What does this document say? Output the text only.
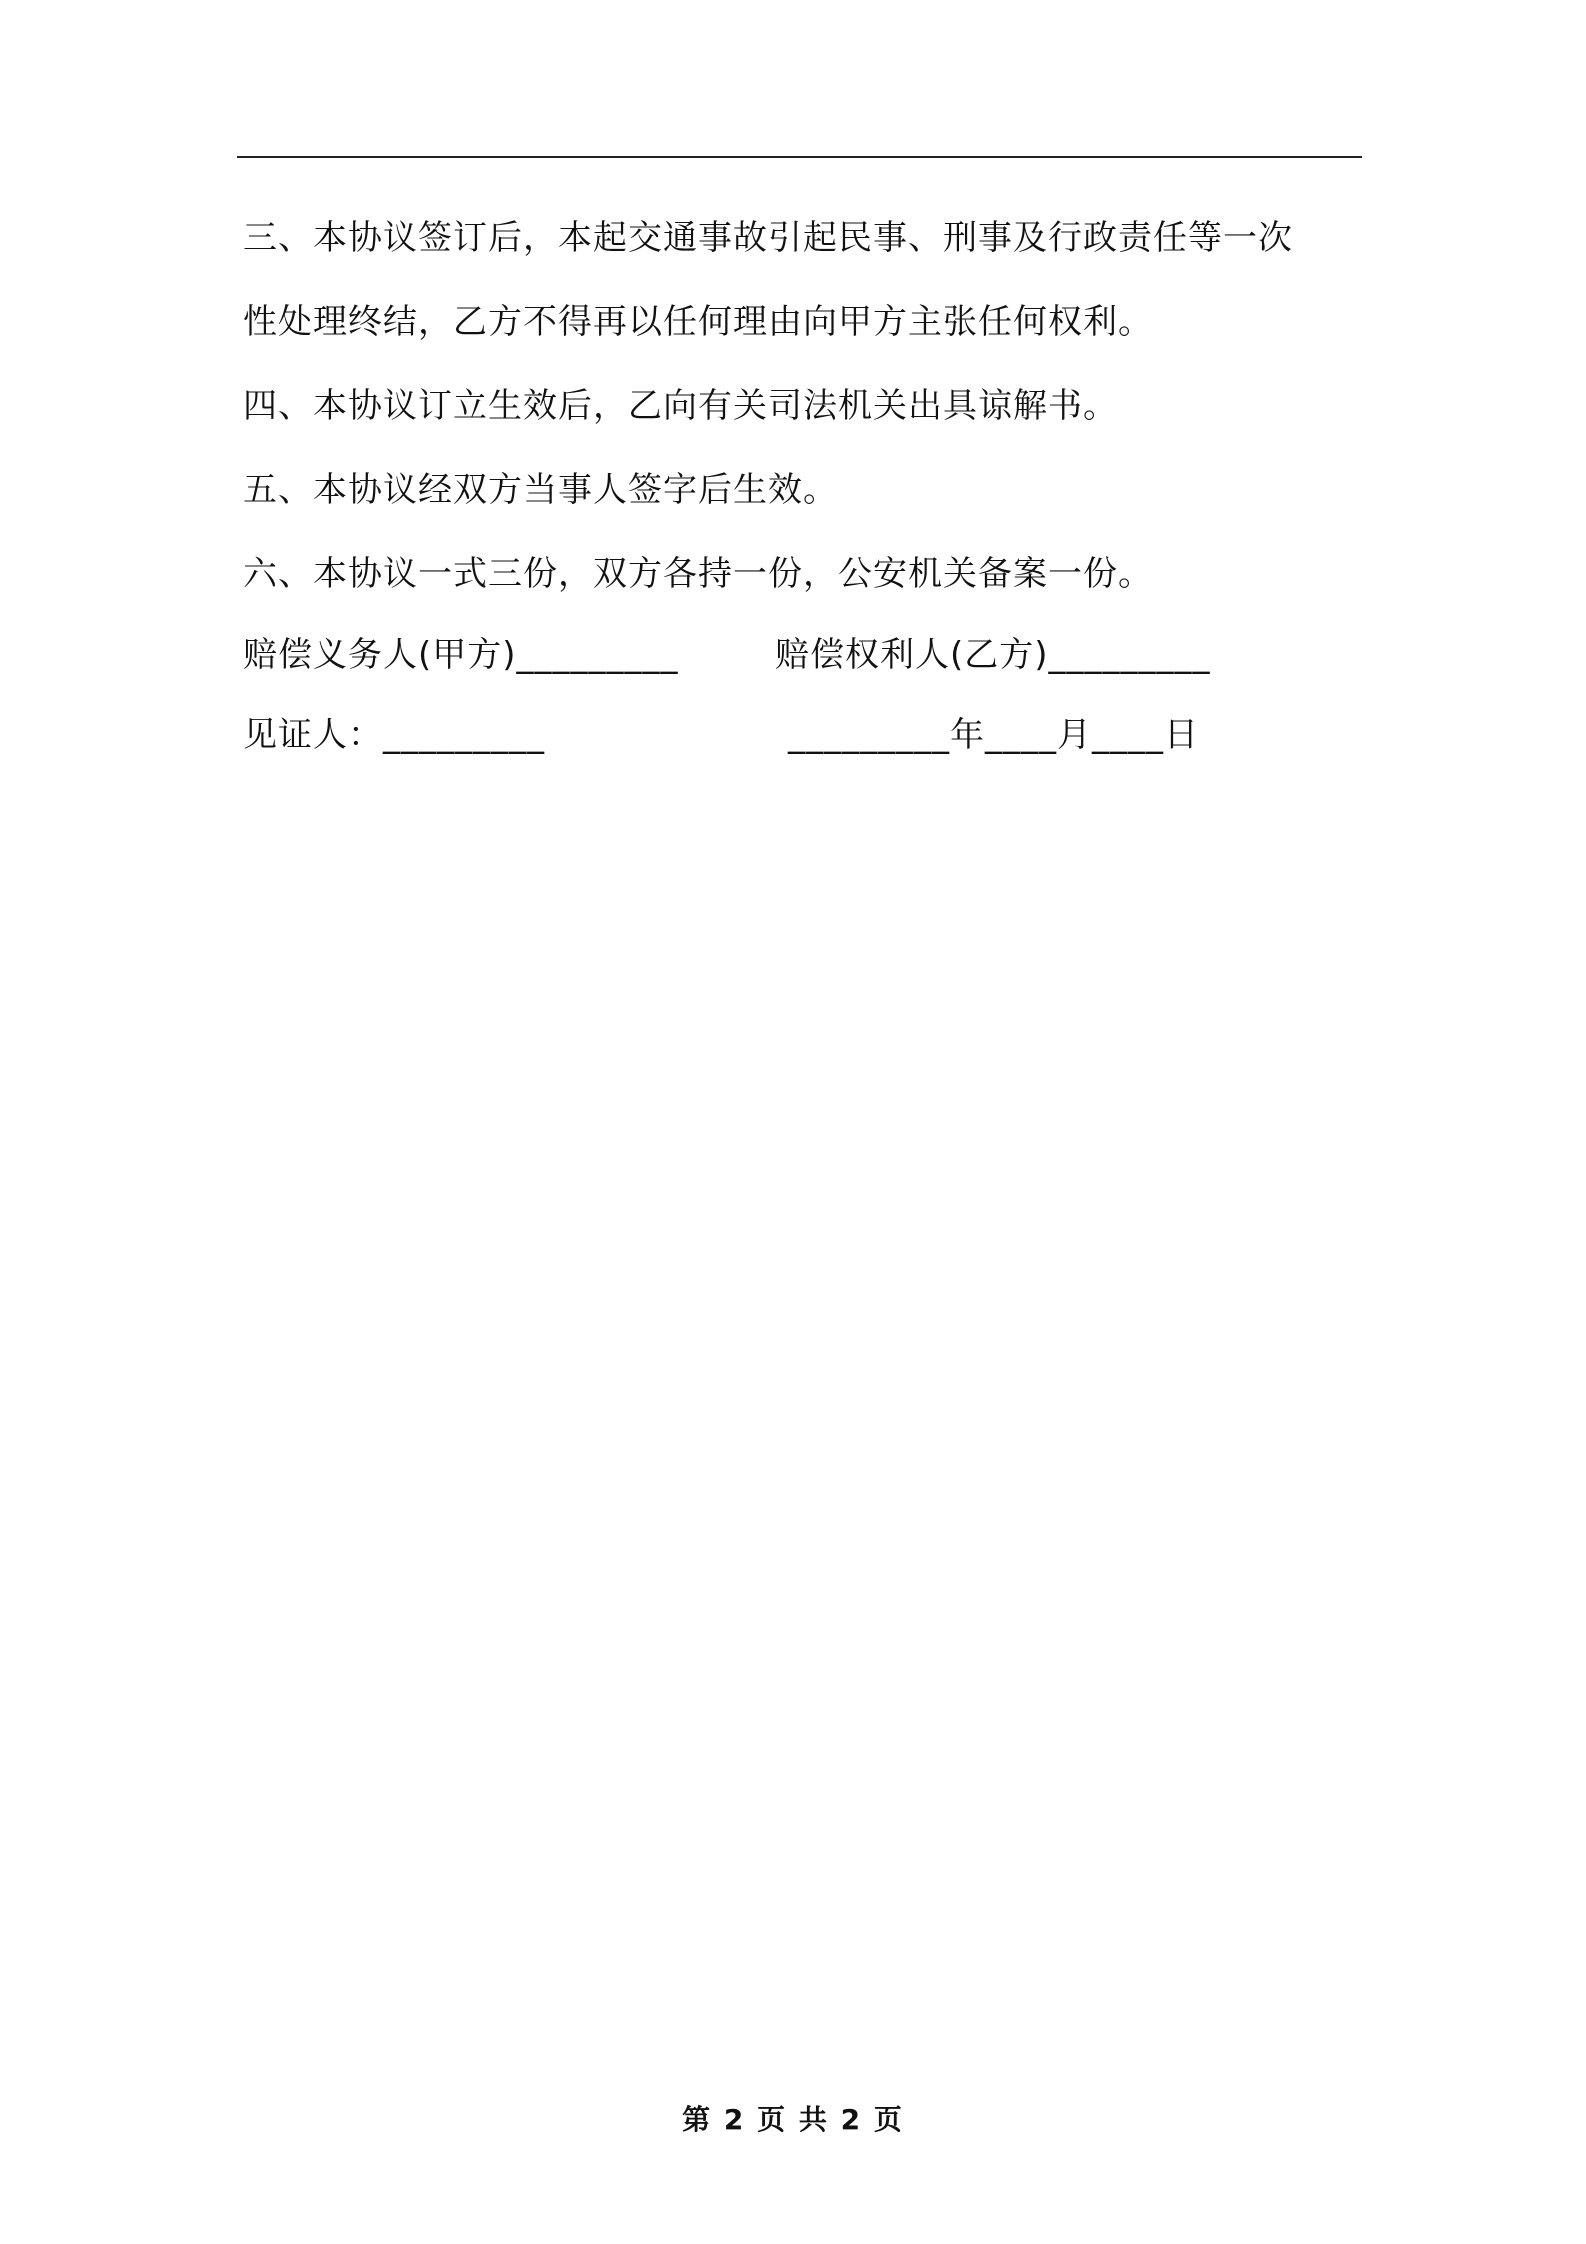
三、本协议签订后，本起交通事故引起民事、刑事及行政责任等一次

性处理终结，乙方不得再以任何理由向甲方主张任何权利。

四、本协议订立生效后，乙向有关司法机关出具谅解书。

五、本协议经双方当事人签字后生效。

六、本协议一式三份，双方各持一份，公安机关备案一份。

赔偿义务人(甲方)_________	赔偿权利人(乙方)_________
见证人：_________	_________年____月____日
第 2 页 共 2 页
